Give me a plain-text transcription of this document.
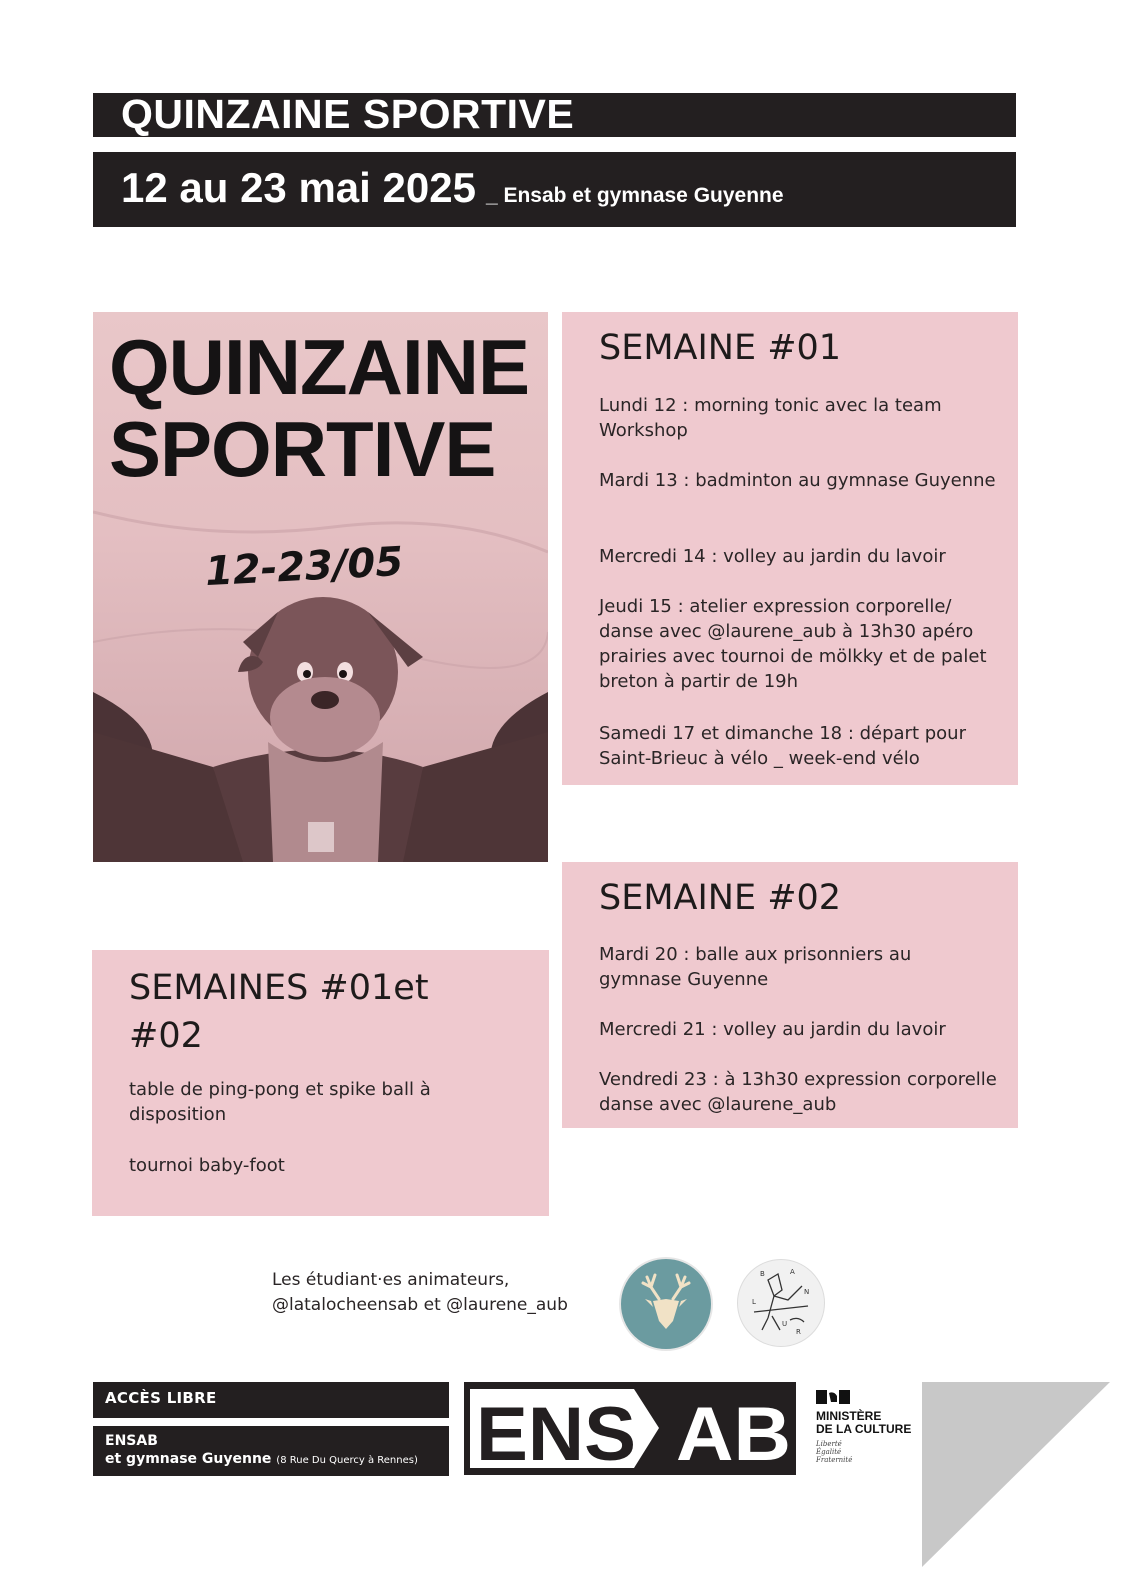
QUINZAINE SPORTIVE
12 au 23 mai 2025 _ Ensab et gymnase Guyenne
QUINZAINE
SPORTIVE
12-23/05
SEMAINE #01
Lundi 12 : morning tonic avec la team Workshop
Mardi 13 : badminton au gymnase Guyenne
Mercredi 14 : volley au jardin du lavoir
Jeudi 15 : atelier expression corporelle/ danse avec @laurene_aub à 13h30 apéro prairies avec tournoi de mölkky et de palet breton à partir de 19h
Samedi 17 et dimanche 18 : départ pour Saint-Brieuc à vélo _ week-end vélo
SEMAINE #02
Mardi 20 : balle aux prisonniers au gymnase Guyenne
Mercredi 21 : volley au jardin du lavoir
Vendredi 23 : à 13h30 expression corporelle danse avec @laurene_aub
SEMAINES #01et #02
table de ping-pong et spike ball à disposition
tournoi baby-foot
Les étudiant·es animateurs,
@latalocheensab et @laurene_aub
B	A
N
L
U
R
ACCÈS LIBRE
ENSAB
et gymnase Guyenne (8 Rue Du Quercy à Rennes) ENS AB MINISTÈRE
DE LA CULTURE
Liberté
Égalité
Fraternité
